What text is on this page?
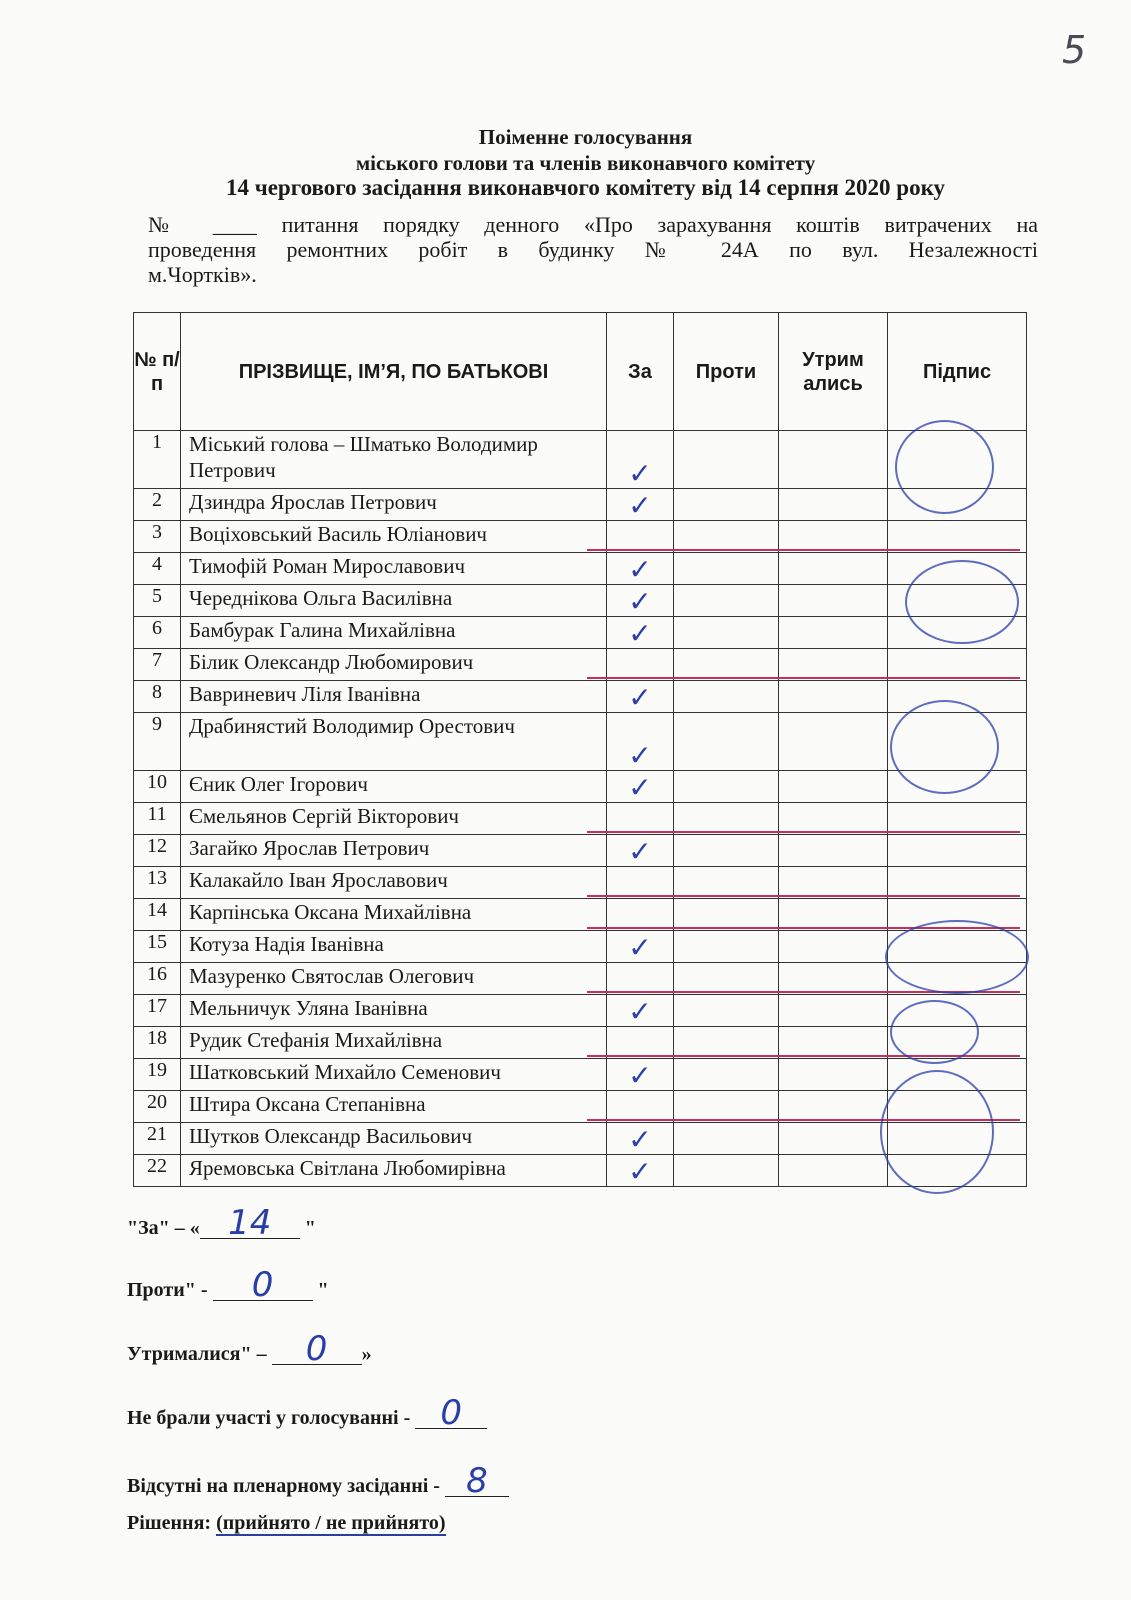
5
Поіменне голосування
міського голови та членів виконавчого комітету
14 чергового засідання виконавчого комітету від 14 серпня 2020 року
№ ____ питання порядку денного «Про зарахування коштів витрачених на
проведення ремонтних робіт в будинку № 24А по вул. Незалежності
м.Чортків».
№ п/п	ПРІЗВИЩЕ, ІМ’Я, ПО БАТЬКОВІ	За	Проти	Утрим ались	Підпис
1	Міський голова – Шматько Володимир Петрович	✓			
2	Дзиндра Ярослав Петрович	✓			
3	Воціховський Василь Юліанович				
4	Тимофій Роман Мирославович	✓			
5	Череднікова Ольга Василівна	✓			
6	Бамбурак Галина Михайлівна	✓			
7	Білик Олександр Любомирович				
8	Вавриневич Ліля Іванівна	✓			
9	Драбинястий Володимир Орестович	✓			
10	Єник Олег Ігорович	✓			
11	Ємельянов Сергій Вікторович				
12	Загайко Ярослав Петрович	✓			
13	Калакайло Іван Ярославович				
14	Карпінська Оксана Михайлівна				
15	Котуза Надія Іванівна	✓			
16	Мазуренко Святослав Олегович				
17	Мельничук Уляна Іванівна	✓			
18	Рудик Стефанія Михайлівна				
19	Шатковський Михайло Семенович	✓			
20	Штира Оксана Степанівна				
21	Шутков Олександр Васильович	✓			
22	Яремовська Світлана Любомирівна	✓			
"За" – « 14 "
Проти" - 0 "
Утрималися" – 0 »
Не брали участі у голосуванні - 0
Відсутні на пленарному засіданні - 8
Рішення: (прийнято / не прийнято)
